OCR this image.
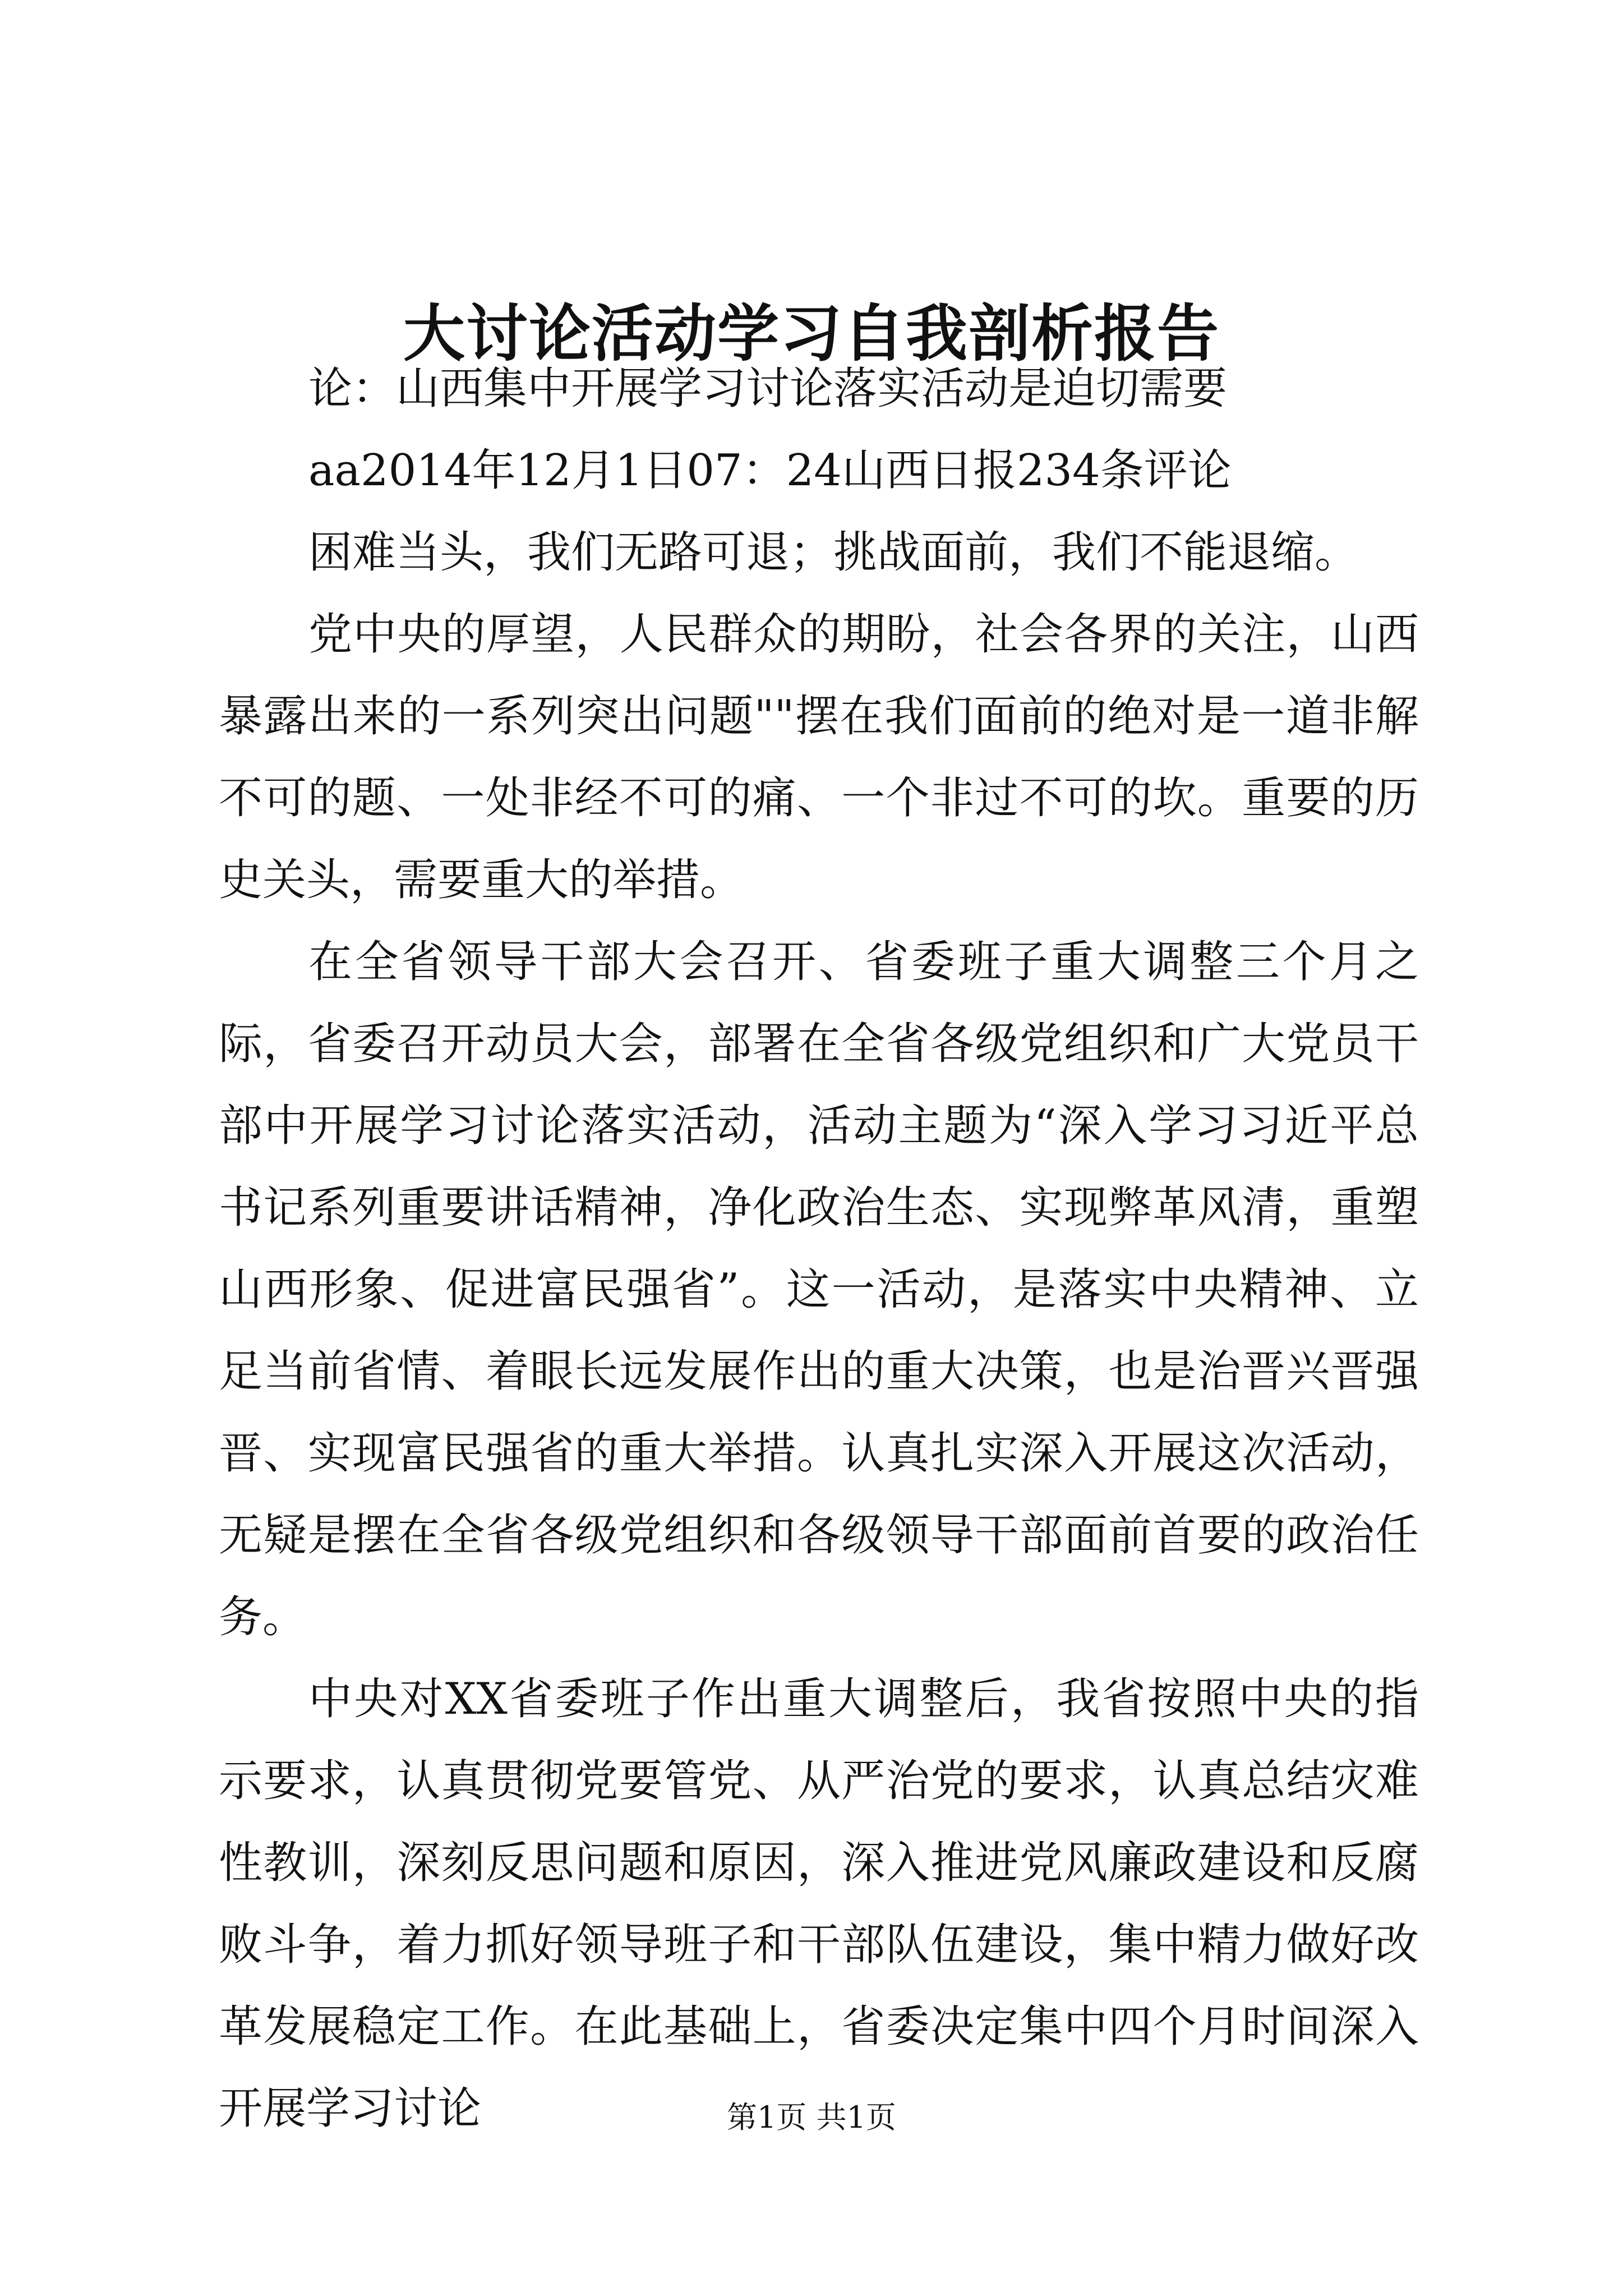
大讨论活动学习自我剖析报告

论：山西集中开展学习讨论落实活动是迫切需要

aa2014年12月1日07：24山西日报234条评论

困难当头，我们无路可退；挑战面前，我们不能退缩。

党中央的厚望，人民群众的期盼，社会各界的关注，山西暴露出来的一系列突出问题""摆在我们面前的绝对是一道非解不可的题、一处非经不可的痛、一个非过不可的坎。重要的历史关头，需要重大的举措。

在全省领导干部大会召开、省委班子重大调整三个月之际，省委召开动员大会，部署在全省各级党组织和广大党员干部中开展学习讨论落实活动，活动主题为“深入学习习近平总书记系列重要讲话精神，净化政治生态、实现弊革风清，重塑山西形象、促进富民强省”。这一活动，是落实中央精神、立足当前省情、着眼长远发展作出的重大决策，也是治晋兴晋强晋、实现富民强省的重大举措。认真扎实深入开展这次活动，无疑是摆在全省各级党组织和各级领导干部面前首要的政治任务。

中央对XX省委班子作出重大调整后，我省按照中央的指示要求，认真贯彻党要管党、从严治党的要求，认真总结灾难性教训，深刻反思问题和原因，深入推进党风廉政建设和反腐败斗争，着力抓好领导班子和干部队伍建设，集中精力做好改革发展稳定工作。在此基础上，省委决定集中四个月时间深入开展学习讨论	第1页 共1页
